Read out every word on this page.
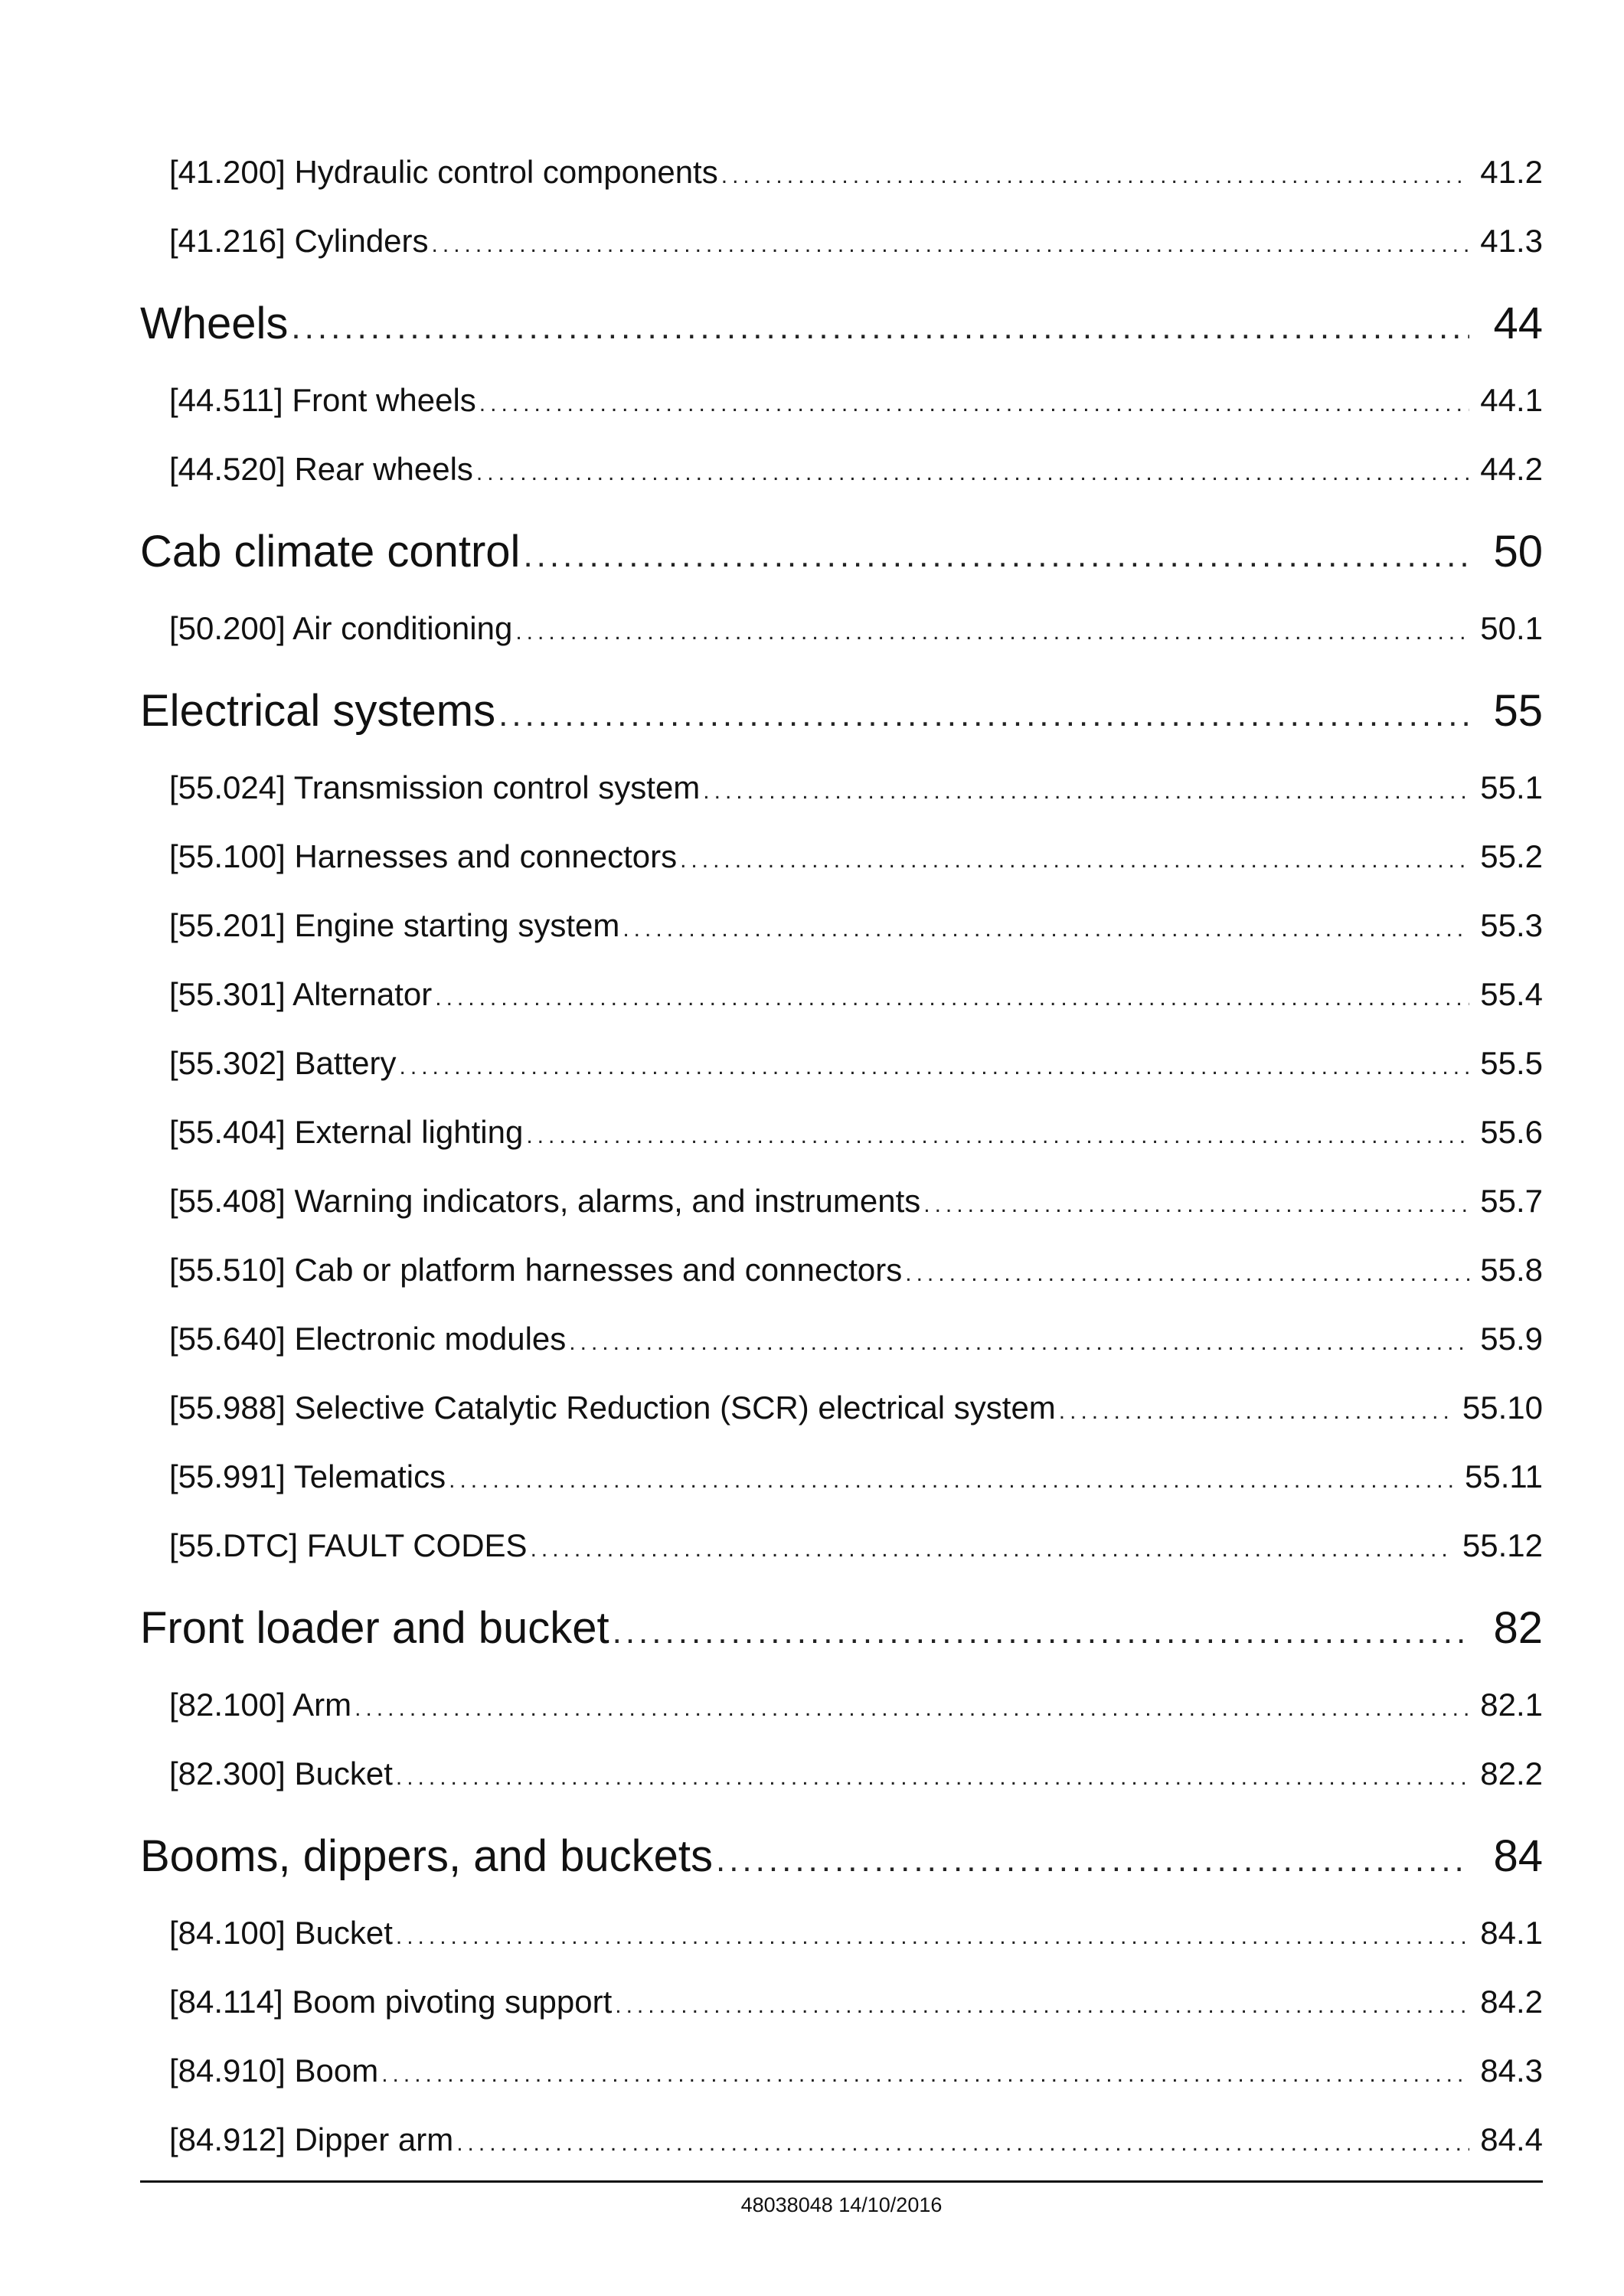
[41.200] Hydraulic control components .....	41.2
[41.216] Cylinders .....	41.3
Wheels .....	44
[44.511] Front wheels .....	44.1
[44.520] Rear wheels .....	44.2
Cab climate control .....	50
[50.200] Air conditioning .....	50.1
Electrical systems .....	55
[55.024] Transmission control system .....	55.1
[55.100] Harnesses and connectors .....	55.2
[55.201] Engine starting system .....	55.3
[55.301] Alternator .....	55.4
[55.302] Battery .....	55.5
[55.404] External lighting .....	55.6
[55.408] Warning indicators, alarms, and instruments .....	55.7
[55.510] Cab or platform harnesses and connectors .....	55.8
[55.640] Electronic modules .....	55.9
[55.988] Selective Catalytic Reduction (SCR) electrical system .....	55.10
[55.991] Telematics .....	55.11
[55.DTC] FAULT CODES .....	55.12
Front loader and bucket .....	82
[82.100] Arm .....	82.1
[82.300] Bucket .....	82.2
Booms, dippers, and buckets .....	84
[84.100] Bucket .....	84.1
[84.114] Boom pivoting support .....	84.2
[84.910] Boom .....	84.3
[84.912] Dipper arm .....	84.4
48038048 14/10/2016
